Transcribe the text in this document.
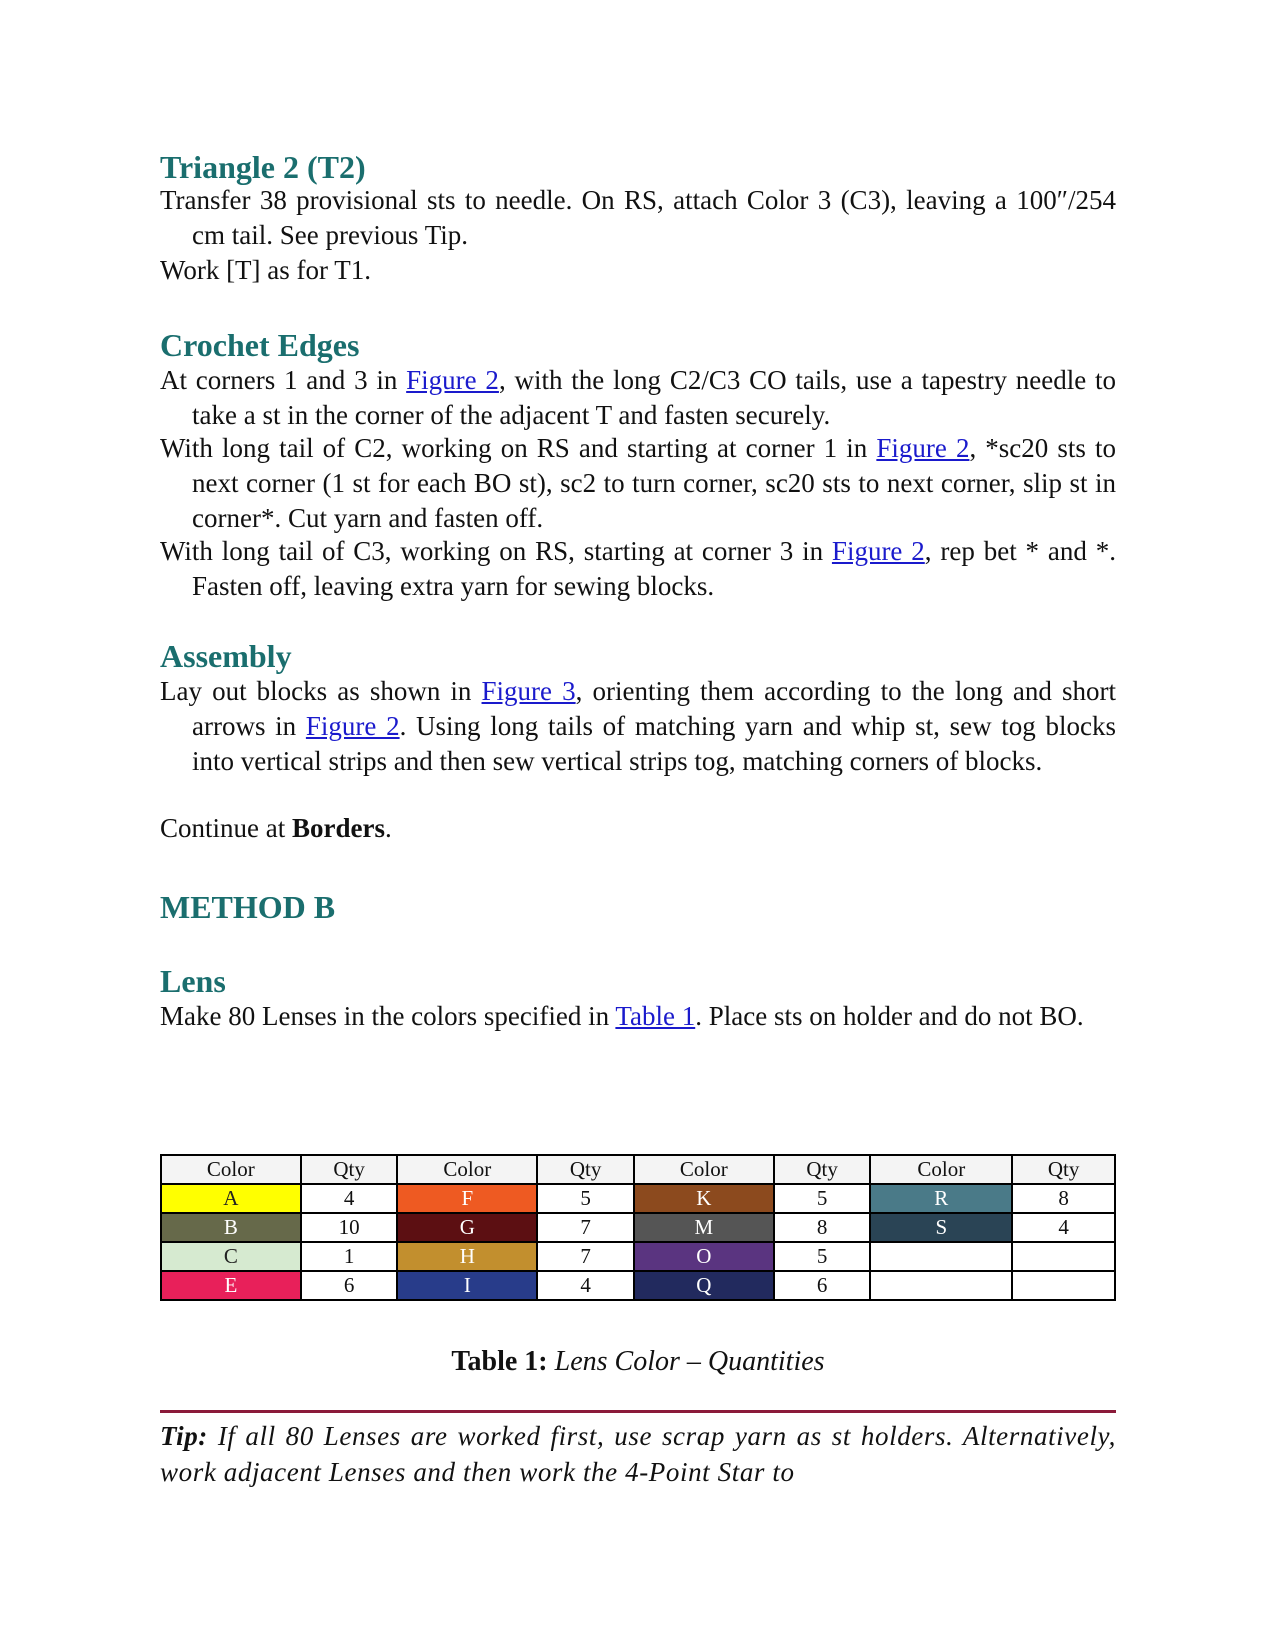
Triangle 2 (T2)
Transfer 38 provisional sts to needle. On RS, attach Color 3 (C3), leaving a 100″/254 cm tail. See previous Tip.
Work [T] as for T1.
Crochet Edges
At corners 1 and 3 in Figure 2, with the long C2/C3 CO tails, use a tapestry needle to take a st in the corner of the adjacent T and fasten securely.
With long tail of C2, working on RS and starting at corner 1 in Figure 2, *sc20 sts to next corner (1 st for each BO st), sc2 to turn corner, sc20 sts to next corner, slip st in corner*. Cut yarn and fasten off.
With long tail of C3, working on RS, starting at corner 3 in Figure 2, rep bet * and *. Fasten off, leaving extra yarn for sewing blocks.
Assembly
Lay out blocks as shown in Figure 3, orienting them according to the long and short arrows in Figure 2. Using long tails of matching yarn and whip st, sew tog blocks into vertical strips and then sew vertical strips tog, matching corners of blocks.
Continue at Borders.
METHOD B
Lens
Make 80 Lenses in the colors specified in Table 1. Place sts on holder and do not BO.
Color	Qty	Color	Qty	Color	Qty	Color	Qty
A	4	F	5	K	5	R	8
B	10	G	7	M	8	S	4
C	1	H	7	O	5		
E	6	I	4	Q	6		
Table 1: Lens Color – Quantities
Tip: If all 80 Lenses are worked first, use scrap yarn as st holders. Alternatively, work adjacent Lenses and then work the 4-Point Star to
